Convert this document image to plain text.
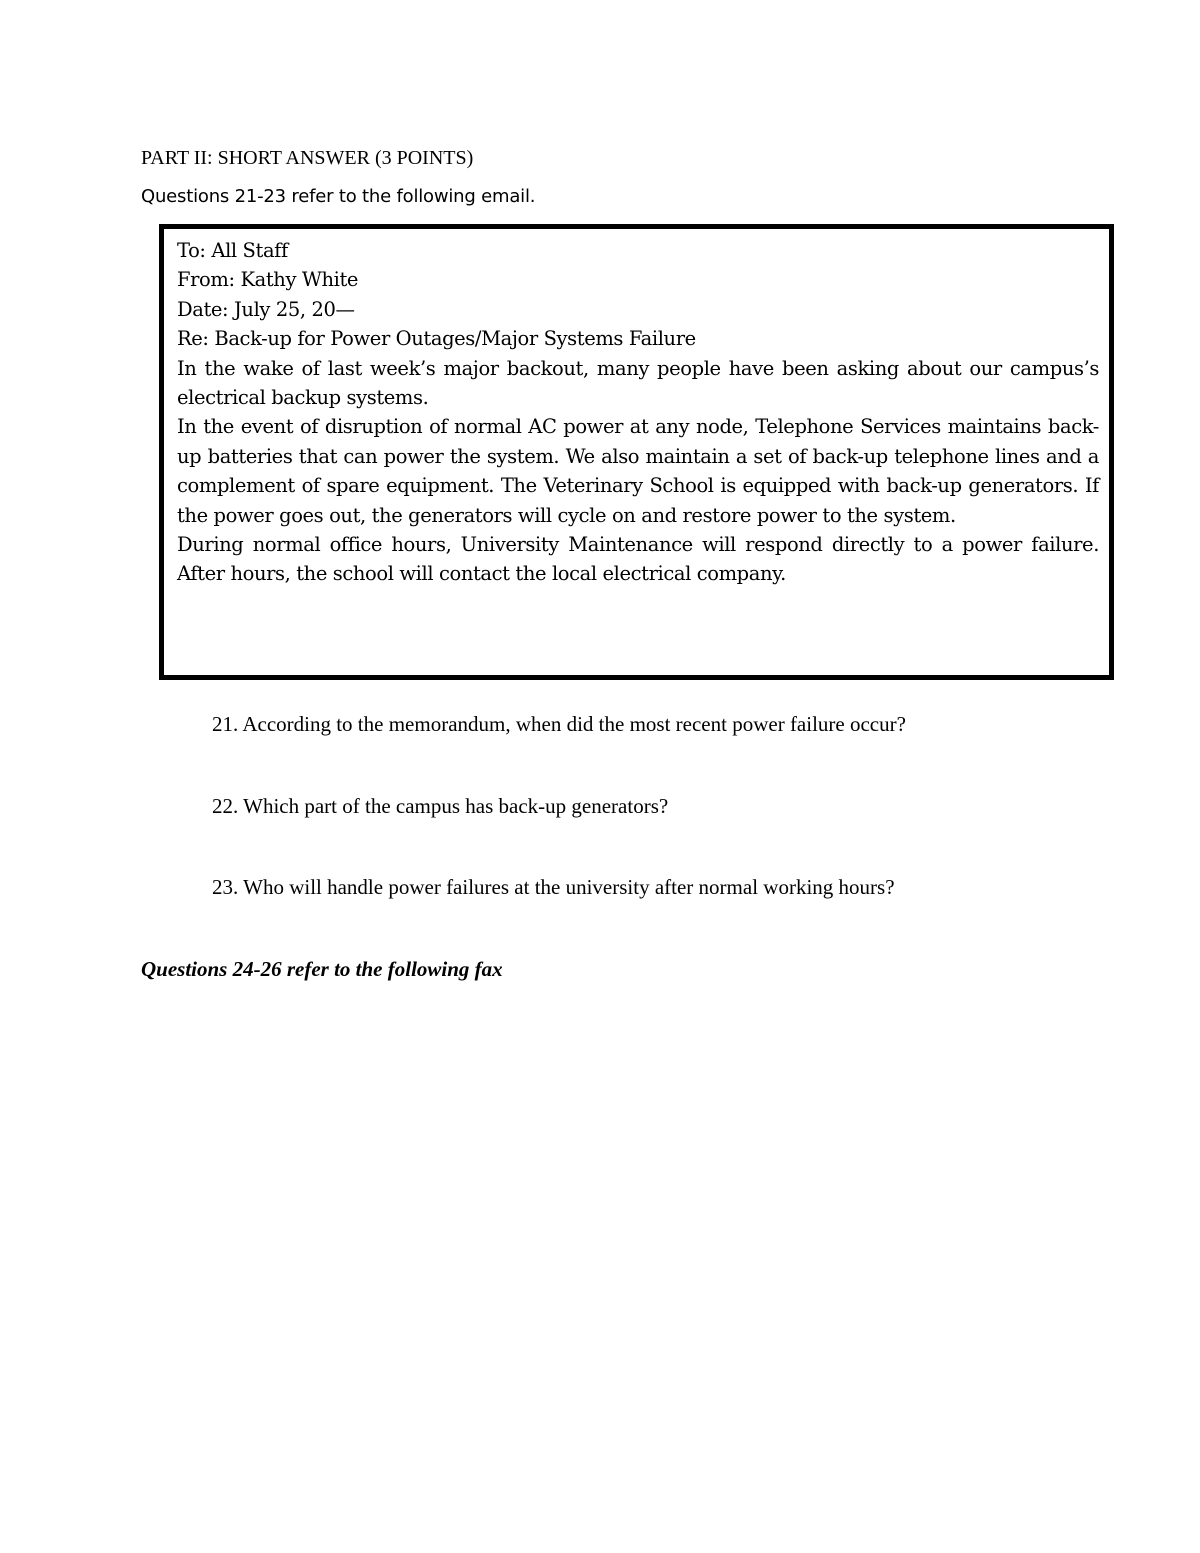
PART II: SHORT ANSWER (3 POINTS)
Questions 21-23 refer to the following email.
To: All Staff
From: Kathy White
Date: July 25, 20—
Re: Back-up for Power Outages/Major Systems Failure
In the wake of last week’s major backout, many people have been asking about our campus’s electrical backup systems.
In the event of disruption of normal AC power at any node, Telephone Services maintains back-up batteries that can power the system. We also maintain a set of back-up telephone lines and a complement of spare equipment. The Veterinary School is equipped with back-up generators. If the power goes out, the generators will cycle on and restore power to the system.
During normal office hours, University Maintenance will respond directly to a power failure. After hours, the school will contact the local electrical company.
21. According to the memorandum, when did the most recent power failure occur?
22. Which part of the campus has back-up generators?
23. Who will handle power failures at the university after normal working hours?
Questions 24-26 refer to the following fax
